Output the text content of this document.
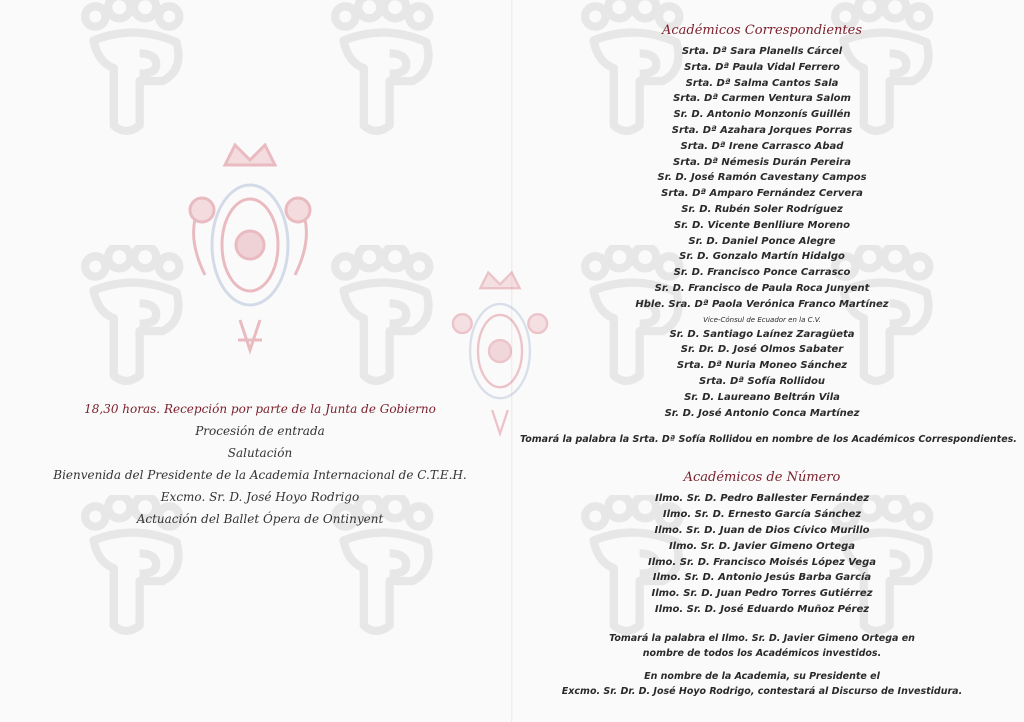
18,30 horas. Recepción por parte de la Junta de Gobierno
Procesión de entrada
Salutación
Bienvenida del Presidente de la Academia Internacional de C.T.E.H.
Excmo. Sr. D. José Hoyo Rodrigo
Actuación del Ballet Ópera de Ontinyent
Académicos Correspondientes
Srta. Dª Sara Planells Cárcel
Srta. Dª Paula Vidal Ferrero
Srta. Dª Salma Cantos Sala
Srta. Dª Carmen Ventura Salom
Sr. D. Antonio Monzonís Guillén
Srta. Dª Azahara Jorques Porras
Srta. Dª Irene Carrasco Abad
Srta. Dª Némesis Durán Pereira
Sr. D. José Ramón Cavestany Campos
Srta. Dª Amparo Fernández Cervera
Sr. D. Rubén Soler Rodríguez
Sr. D. Vicente Benlliure Moreno
Sr. D. Daniel Ponce Alegre
Sr. D. Gonzalo Martín Hidalgo
Sr. D. Francisco Ponce Carrasco
Sr. D. Francisco de Paula Roca Junyent
Hble. Sra. Dª Paola Verónica Franco Martínez
Vice-Cónsul de Ecuador en la C.V.
Sr. D. Santiago Laínez Zaragüeta
Sr. Dr. D. José Olmos Sabater
Srta. Dª Nuria Moneo Sánchez
Srta. Dª Sofía Rollidou
Sr. D. Laureano Beltrán Vila
Sr. D. José Antonio Conca Martínez
Tomará la palabra la Srta. Dª Sofía Rollidou en nombre de los Académicos Correspondientes.
Académicos de Número
Ilmo. Sr. D. Pedro Ballester Fernández
Ilmo. Sr. D. Ernesto García Sánchez
Ilmo. Sr. D. Juan de Dios Cívico Murillo
Ilmo. Sr. D. Javier Gimeno Ortega
Ilmo. Sr. D. Francisco Moisés López Vega
Ilmo. Sr. D. Antonio Jesús Barba García
Ilmo. Sr. D. Juan Pedro Torres Gutiérrez
Ilmo. Sr. D. José Eduardo Muñoz Pérez
Tomará la palabra el Ilmo. Sr. D. Javier Gimeno Ortega en
nombre de todos los Académicos investidos.
En nombre de la Academia, su Presidente el
Excmo. Sr. Dr. D. José Hoyo Rodrigo, contestará al Discurso de Investidura.
